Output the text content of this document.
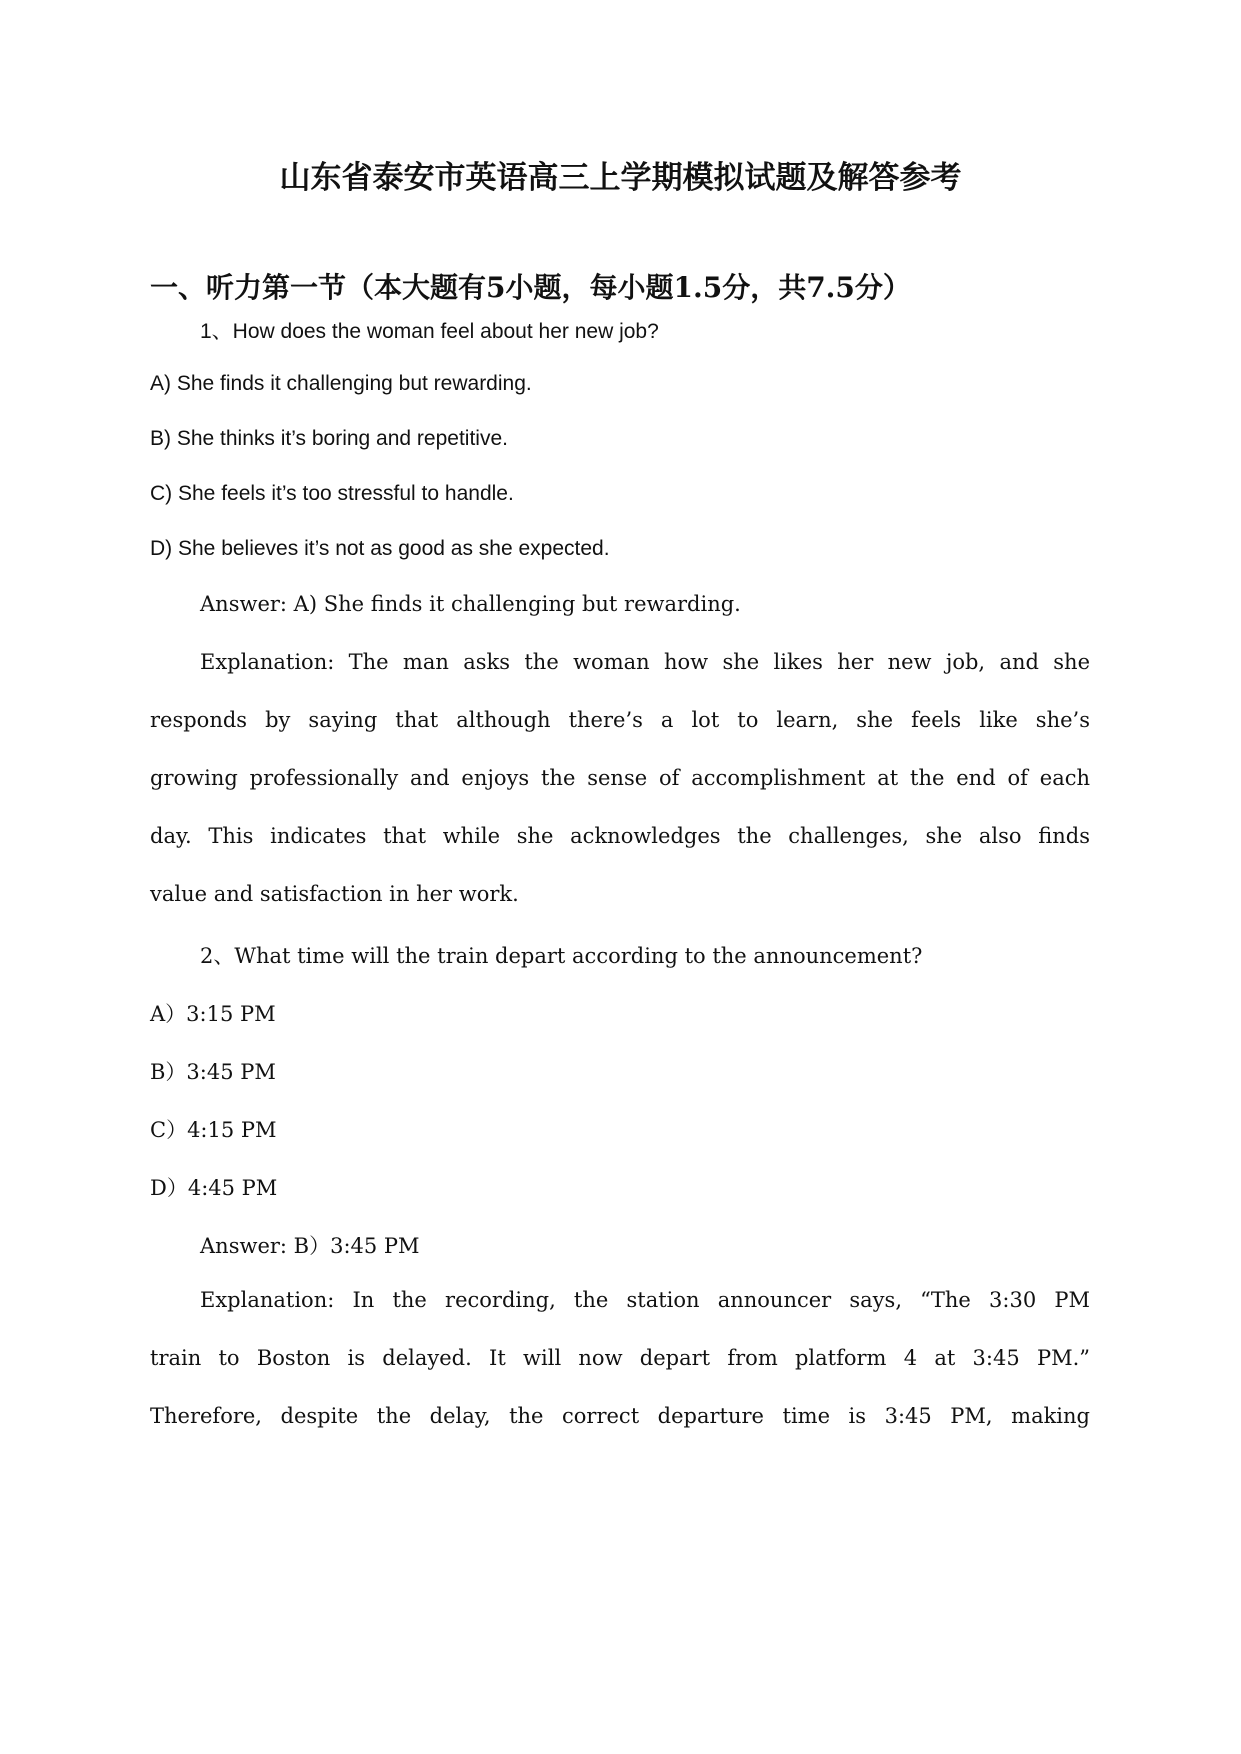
山东省泰安市英语高三上学期模拟试题及解答参考
一、听力第一节（本大题有5小题，每小题1.5分，共7.5分）

1、How does the woman feel about her new job?

A) She finds it challenging but rewarding.

B) She thinks it’s boring and repetitive.

C) She feels it’s too stressful to handle.

D) She believes it’s not as good as she expected.

Answer: A) She finds it challenging but rewarding.

Explanation: The man asks the woman how she likes her new job, and she

responds by saying that although there’s a lot to learn, she feels like she’s

growing professionally and enjoys the sense of accomplishment at the end of each

day. This indicates that while she acknowledges the challenges, she also finds

value and satisfaction in her work.

2、What time will the train depart according to the announcement?

A）3:15 PM

B）3:45 PM

C）4:15 PM

D）4:45 PM

Answer: B）3:45 PM

Explanation: In the recording, the station announcer says, “The 3:30 PM

train to Boston is delayed. It will now depart from platform 4 at 3:45 PM.”

Therefore, despite the delay, the correct departure time is 3:45 PM, making
